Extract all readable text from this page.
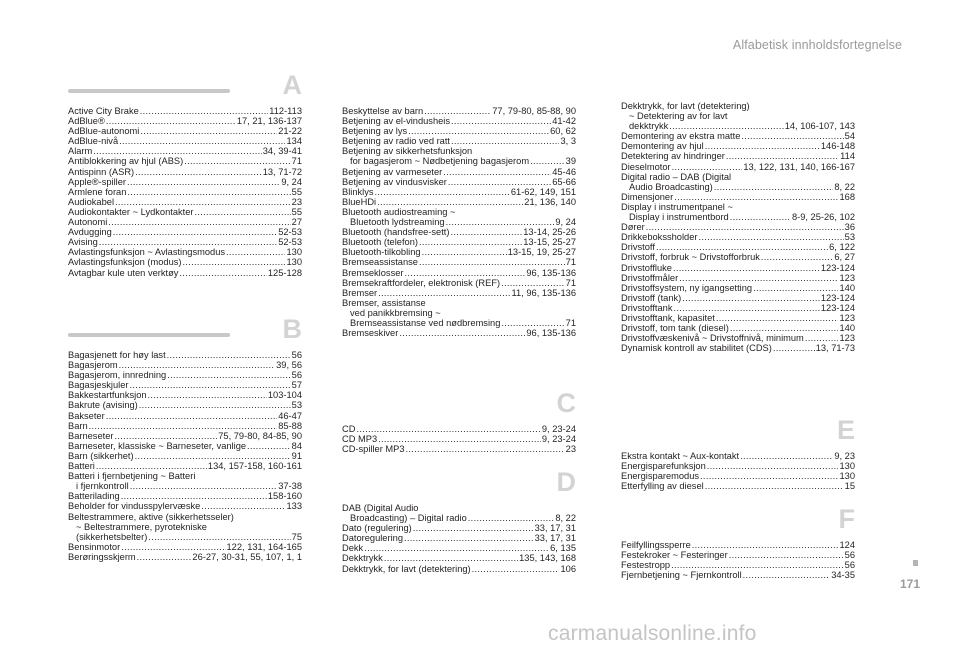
Alfabetisk innholdsfortegnelse
A
Active City Brake .....	112-113
AdBlue® .....	17, 21, 136-137
AdBlue-autonomi .....	21-22
AdBlue-nivå .....	134
Alarm .....	34, 39-41
Antiblokkering av hjul (ABS) .....	71
Antispinn (ASR) .....	13, 71-72
Apple®-spiller .....	9, 24
Armlene foran .....	55
Audiokabel .....	23
Audiokontakter ~ Lydkontakter .....	55
Autonomi .....	27
Avdugging .....	52-53
Avising .....	52-53
Avlastingsfunksjon ~ Avlastingsmodus .....	130
Avlastingsfunksjon (modus) .....	130
Avtagbar kule uten verktøy .....	125-128
B
Bagasjenett for høy last .....	56
Bagasjerom .....	39, 56
Bagasjerom, innredning .....	56
Bagasjeskjuler .....	57
Bakkestartfunksjon .....	103-104
Bakrute (avising) .....	53
Bakseter .....	46-47
Barn .....	85-88
Barneseter .....	75, 79-80, 84-85, 90
Barneseter, klassiske ~ Barneseter, vanlige .....	84
Barn (sikkerhet) .....	91
Batteri .....	134, 157-158, 160-161
Batteri i fjernbetjening ~ Batteri
i fjernkontroll .....	37-38
Batterilading .....	158-160
Beholder for vindusspylervæske .....	133
Beltestrammere, aktive (sikkerhetsseler)
~ Beltestrammere, pyrotekniske
(sikkerhetsbelter) .....	75
Bensinmotor .....	122, 131, 164-165
Berøringsskjerm .....	26-27, 30-31, 55, 107, 1, 1
Beskyttelse av barn .....	77, 79-80, 85-88, 90
Betjening av el-vindusheis .....	41-42
Betjening av lys .....	60, 62
Betjening av radio ved ratt .....	3, 3
Betjening av sikkerhetsfunksjon
for bagasjerom ~ Nødbetjening bagasjerom .....	39
Betjening av varmeseter .....	45-46
Betjening av vindusvisker .....	65-66
Blinklys .....	61-62, 149, 151
BlueHDi .....	21, 136, 140
Bluetooth audiostreaming ~
Bluetooth lydstreaming .....	9, 24
Bluetooth (handsfree-sett) .....	13-14, 25-26
Bluetooth (telefon) .....	13-15, 25-27
Bluetooth-tilkobling .....	13-15, 19, 25-27
Bremseassistanse .....	71
Bremseklosser .....	96, 135-136
Bremsekraftfordeler, elektronisk (REF) .....	71
Bremser .....	11, 96, 135-136
Bremser, assistanse
ved panikkbremsing ~
Bremseassistanse ved nødbremsing .....	71
Bremseskiver .....	96, 135-136
C
CD .....	9, 23-24
CD MP3 .....	9, 23-24
CD-spiller MP3 .....	23
D
DAB (Digital Audio
Broadcasting) – Digital radio .....	8, 22
Dato (regulering) .....	33, 17, 31
Datoregulering .....	33, 17, 31
Dekk .....	6, 135
Dekktrykk .....	135, 143, 168
Dekktrykk, for lavt (detektering) .....	106
Dekktrykk, for lavt (detektering)
~ Detektering av for lavt
dekktrykk .....	14, 106-107, 143
Demontering av ekstra matte .....	54
Demontering av hjul .....	146-148
Detektering av hindringer .....	114
Dieselmotor .....	13, 122, 131, 140, 166-167
Digital radio – DAB (Digital
Audio Broadcasting) .....	8, 22
Dimensjoner .....	168
Display i instrumentpanel ~
Display i instrumentbord .....	8-9, 25-26, 102
Dører .....	36
Drikkebokssholder .....	53
Drivstoff .....	6, 122
Drivstoff, forbruk ~ Drivstofforbruk .....	6, 27
Drivstoffluke .....	123-124
Drivstoffmåler .....	123
Drivstoffsystem, ny igangsetting .....	140
Drivstoff (tank) .....	123-124
Drivstofftank .....	123-124
Drivstofftank, kapasitet .....	123
Drivstoff, tom tank (diesel) .....	140
Drivstoffvæskenivå ~ Drivstoffnivå, minimum .....	123
Dynamisk kontroll av stabilitet (CDS) .....	13, 71-73
E
Ekstra kontakt ~ Aux-kontakt .....	9, 23
Energisparefunksjon .....	130
Energisparemodus .....	130
Etterfylling av diesel .....	15
F
Feilfyllingssperre .....	124
Festekroker ~ Festeringer .....	56
Festestropp .....	56
Fjernbetjening ~ Fjernkontroll .....	34-35
171
carmanualsonline.info
